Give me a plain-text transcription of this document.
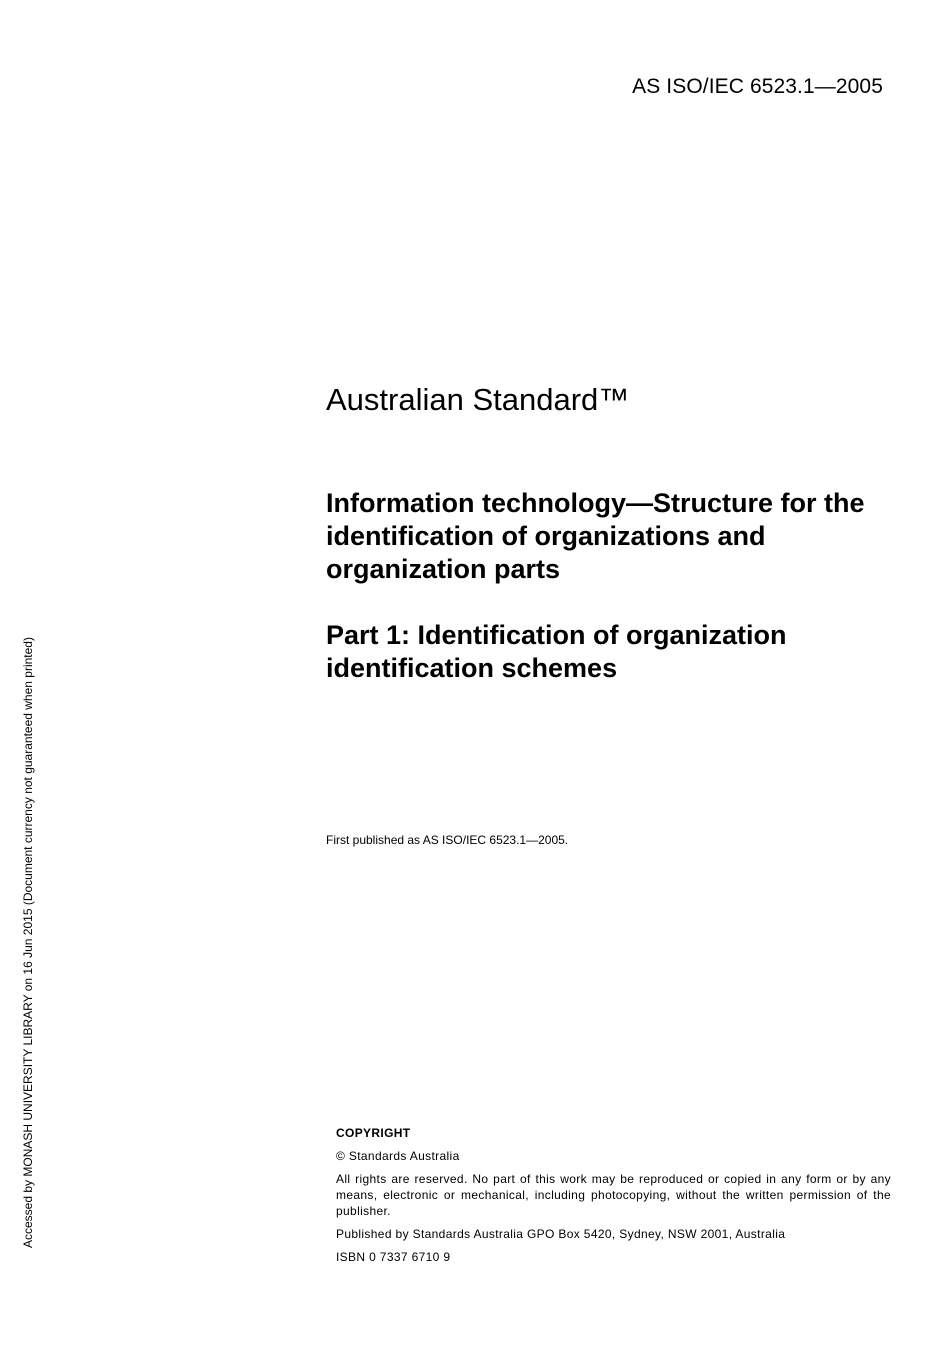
AS ISO/IEC 6523.1—2005
Australian Standard™
Information technology—Structure for the identification of organizations and organization parts
Part 1: Identification of organization identification schemes
First published as AS ISO/IEC 6523.1—2005.
COPYRIGHT
© Standards Australia
All rights are reserved. No part of this work may be reproduced or copied in any form or by any means, electronic or mechanical, including photocopying, without the written permission of the publisher.
Published by Standards Australia GPO Box 5420, Sydney, NSW 2001, Australia
ISBN 0 7337 6710 9
Accessed by MONASH UNIVERSITY LIBRARY on 16 Jun 2015 (Document currency not guaranteed when printed)
